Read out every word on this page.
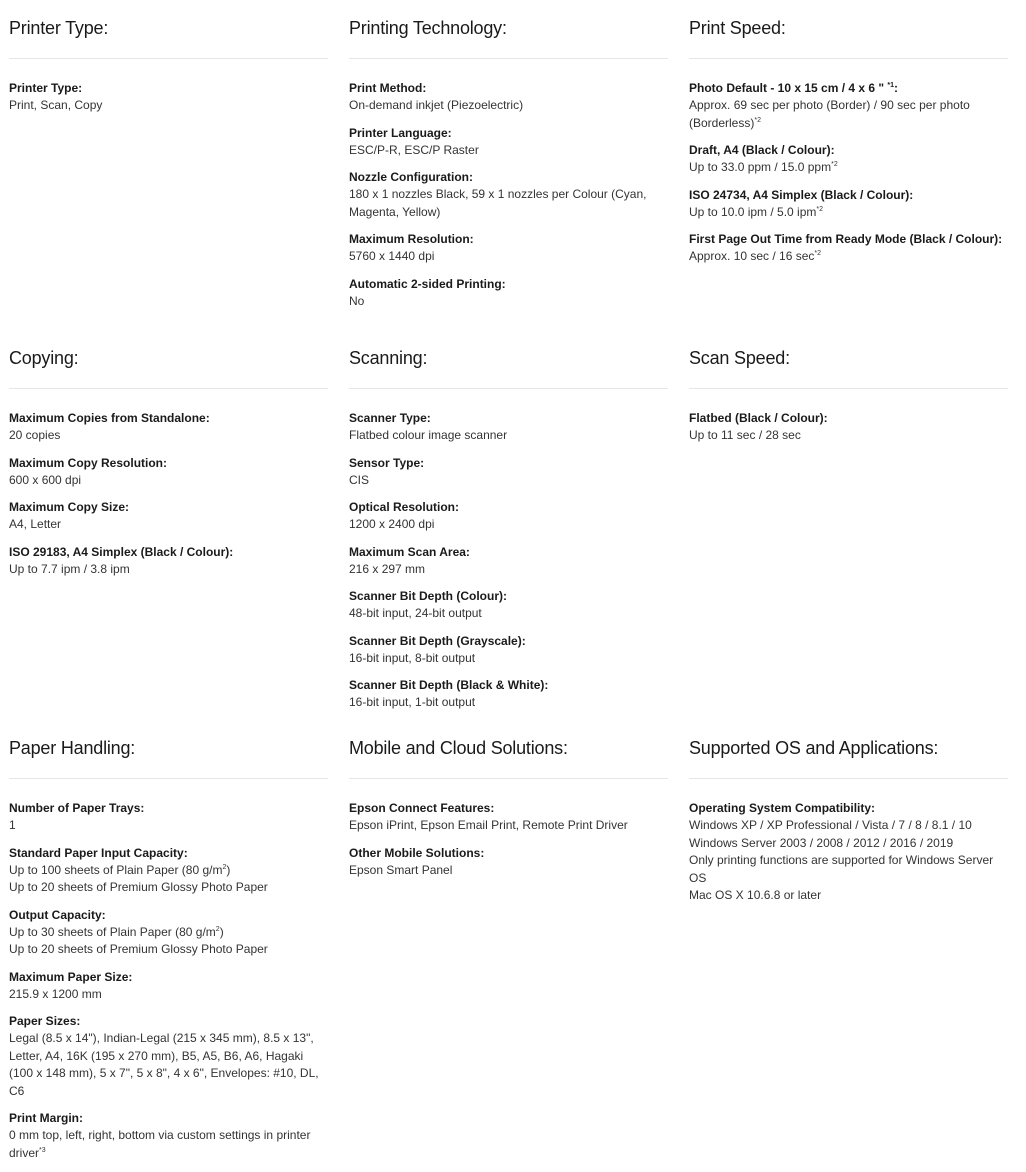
Printer Type:
Printer Type:
Print, Scan, Copy
Printing Technology:
Print Method:
On-demand inkjet (Piezoelectric)
Printer Language:
ESC/P-R, ESC/P Raster
Nozzle Configuration:
180 x 1 nozzles Black, 59 x 1 nozzles per Colour (Cyan, Magenta, Yellow)
Maximum Resolution:
5760 x 1440 dpi
Automatic 2-sided Printing:
No
Print Speed:
Photo Default - 10 x 15 cm / 4 x 6 " $^{*1}$:
Approx. 69 sec per photo (Border) / 90 sec per photo (Borderless)$^{*2}$
Draft, A4 (Black / Colour):
Up to 33.0 ppm / 15.0 ppm$^{*2}$
ISO 24734, A4 Simplex (Black / Colour):
Up to 10.0 ipm / 5.0 ipm$^{*2}$
First Page Out Time from Ready Mode (Black / Colour):
Approx. 10 sec / 16 $\sec^{*2}$
Copying:
Maximum Copies from Standalone:
20 copies
Maximum Copy Resolution:
600 x 600 dpi
Maximum Copy Size:
A4, Letter
ISO 29183, A4 Simplex (Black / Colour):
Up to 7.7 ipm / 3.8 ipm
Scanning:
Scanner Type:
Flatbed colour image scanner
Sensor Type:
CIS
Optical Resolution:
1200 x 2400 dpi
Maximum Scan Area:
216 x 297 mm
Scanner Bit Depth (Colour):
48-bit input, 24-bit output
Scanner Bit Depth (Grayscale):
16-bit input, 8-bit output
Scanner Bit Depth (Black & White):
16-bit input, 1-bit output
Scan Speed:
Flatbed (Black / Colour):
Up to 11 sec / 28 sec
Paper Handling:
Number of Paper Trays:
1
Standard Paper Input Capacity:
Up to 100 sheets of Plain Paper (80 $g/m^2$)
Up to 20 sheets of Premium Glossy Photo Paper
Output Capacity:
Up to 30 sheets of Plain Paper (80 $g/m^2$)
Up to 20 sheets of Premium Glossy Photo Paper
Maximum Paper Size:
215.9 x 1200 mm
Paper Sizes:
Legal (8.5 x 14"), Indian-Legal (215 x 345 mm), 8.5 x 13", Letter, A4, 16K (195 x 270 mm), B5, A5, B6, A6, Hagaki (100 x 148 mm), 5 x 7", 5 x 8", 4 x 6", Envelopes: #10, DL, C6
Print Margin:
0 mm top, left, right, bottom via custom settings in printer driver$^{*3}$
Mobile and Cloud Solutions:
Epson Connect Features:
Epson iPrint, Epson Email Print, Remote Print Driver
Other Mobile Solutions:
Epson Smart Panel
Supported OS and Applications:
Operating System Compatibility:
Windows XP / XP Professional / Vista / 7 / 8 / 8.1 / 10
Windows Server 2003 / 2008 / 2012 / 2016 / 2019
Only printing functions are supported for Windows Server OS
Mac OS X 10.6.8 or later
